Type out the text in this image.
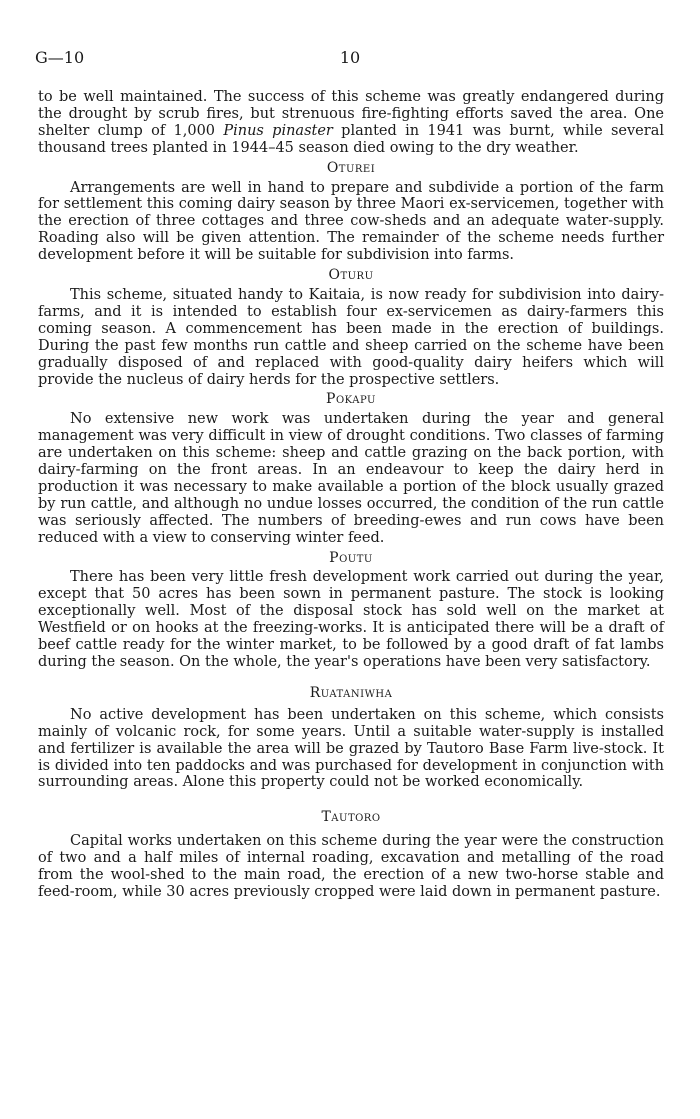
10
G—10

to be well maintained. The success of this scheme was greatly endangered during the drought by scrub fires, but strenuous fire-fighting efforts saved the area. One shelter clump of 1,000 Pinus pinaster planted in 1941 was burnt, while several thousand trees planted in 1944–45 season died owing to the dry weather.

Oturei

Arrangements are well in hand to prepare and subdivide a portion of the farm for settlement this coming dairy season by three Maori ex-servicemen, together with the erection of three cottages and three cow-sheds and an adequate water-supply. Roading also will be given attention. The remainder of the scheme needs further development before it will be suitable for subdivision into farms.

Oturu

This scheme, situated handy to Kaitaia, is now ready for subdivision into dairy-farms, and it is intended to establish four ex-servicemen as dairy-farmers this coming season. A commencement has been made in the erection of buildings. During the past few months run cattle and sheep carried on the scheme have been gradually disposed of and replaced with good-quality dairy heifers which will provide the nucleus of dairy herds for the prospective settlers.

Pokapu

No extensive new work was undertaken during the year and general management was very difficult in view of drought conditions. Two classes of farming are undertaken on this scheme: sheep and cattle grazing on the back portion, with dairy-farming on the front areas. In an endeavour to keep the dairy herd in production it was necessary to make available a portion of the block usually grazed by run cattle, and although no undue losses occurred, the condition of the run cattle was seriously affected. The numbers of breeding-ewes and run cows have been reduced with a view to conserving winter feed.

Poutu

There has been very little fresh development work carried out during the year, except that 50 acres has been sown in permanent pasture. The stock is looking exceptionally well. Most of the disposal stock has sold well on the market at Westfield or on hooks at the freezing-works. It is anticipated there will be a draft of beef cattle ready for the winter market, to be followed by a good draft of fat lambs during the season. On the whole, the year's operations have been very satisfactory.

Ruataniwha

No active development has been undertaken on this scheme, which consists mainly of volcanic rock, for some years. Until a suitable water-supply is installed and fertilizer is available the area will be grazed by Tautoro Base Farm live-stock. It is divided into ten paddocks and was purchased for development in conjunction with surrounding areas. Alone this property could not be worked economically.

Tautoro

Capital works undertaken on this scheme during the year were the construction of two and a half miles of internal roading, excavation and metalling of the road from the wool-shed to the main road, the erection of a new two-horse stable and feed-room, while 30 acres previously cropped were laid down in permanent pasture.
